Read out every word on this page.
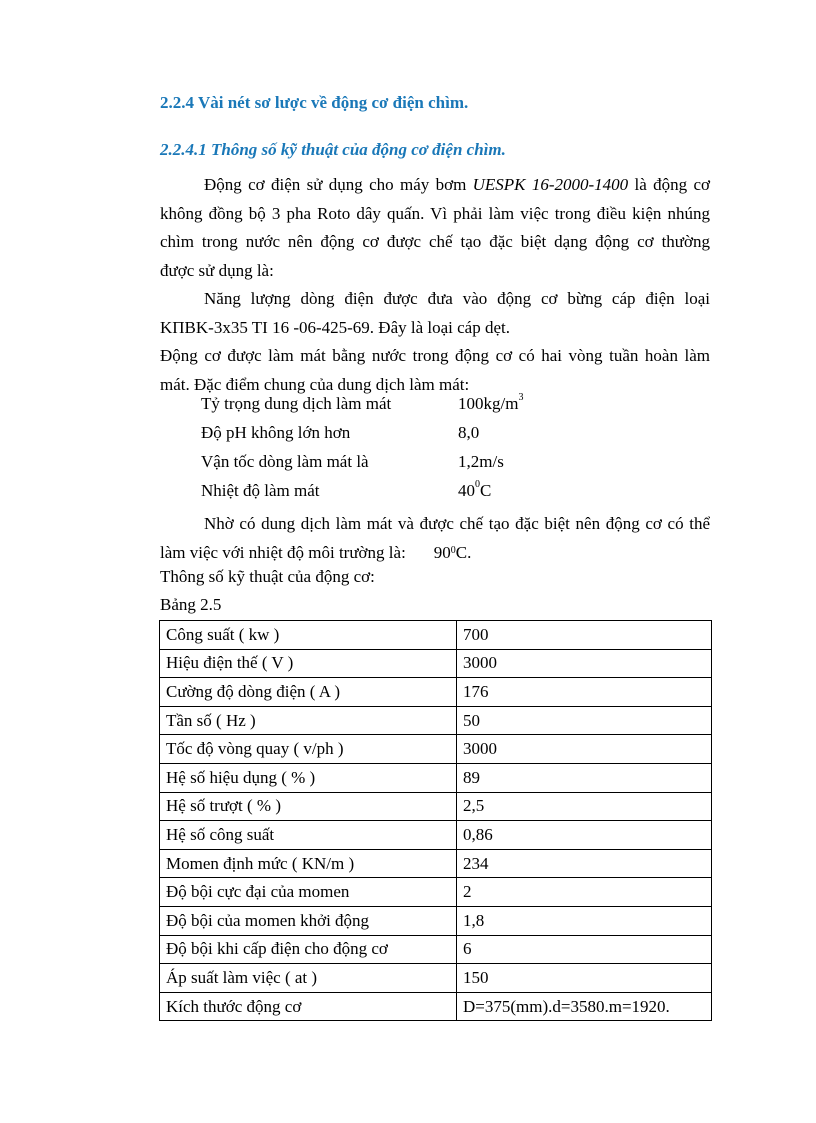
2.2.4 Vài nét sơ lược về động cơ điện chìm.
2.2.4.1 Thông số kỹ thuật của động cơ điện chìm.
Động cơ điện sử dụng cho máy bơm UESPK 16-2000-1400 là động cơ
không đồng bộ 3 pha Roto dây quấn. Vì phải làm việc trong điều kiện nhúng
chìm trong nước nên động cơ được chế tạo đặc biệt dạng động cơ thường
được sử dụng là:
Năng lượng dòng điện được đưa vào động cơ bừng cáp điện loại
KПBK-3x35 TI 16 -06-425-69. Đây là loại cáp dẹt.
Động cơ được làm mát bằng nước trong động cơ có hai vòng tuần hoàn làm
mát. Đặc điểm chung của dung dịch làm mát:
Tỷ trọng dung dịch làm mát	$100kg/m^3$
Độ pH không lớn hơn	8,0
Vận tốc dòng làm mát là	1,2m/s
Nhiệt độ làm mát	$40^0C$
Nhờ có dung dịch làm mát và được chế tạo đặc biệt nên động cơ có thể
làm việc với nhiệt độ môi trường là: $90^0C$.
Thông số kỹ thuật của động cơ:
Bảng 2.5
Công suất ( kw )	700
Hiệu điện thế ( V )	3000
Cường độ dòng điện ( A )	176
Tần số ( Hz )	50
Tốc độ vòng quay ( v/ph )	3000
Hệ số hiệu dụng ( % )	89
Hệ số trượt ( % )	2,5
Hệ số công suất	0,86
Momen định mức ( KN/m )	234
Độ bội cực đại của momen	2
Độ bội của momen khởi động	1,8
Độ bội khi cấp điện cho động cơ	6
Áp suất làm việc ( at )	150
Kích thước động cơ	D=375(mm).d=3580.m=1920.
